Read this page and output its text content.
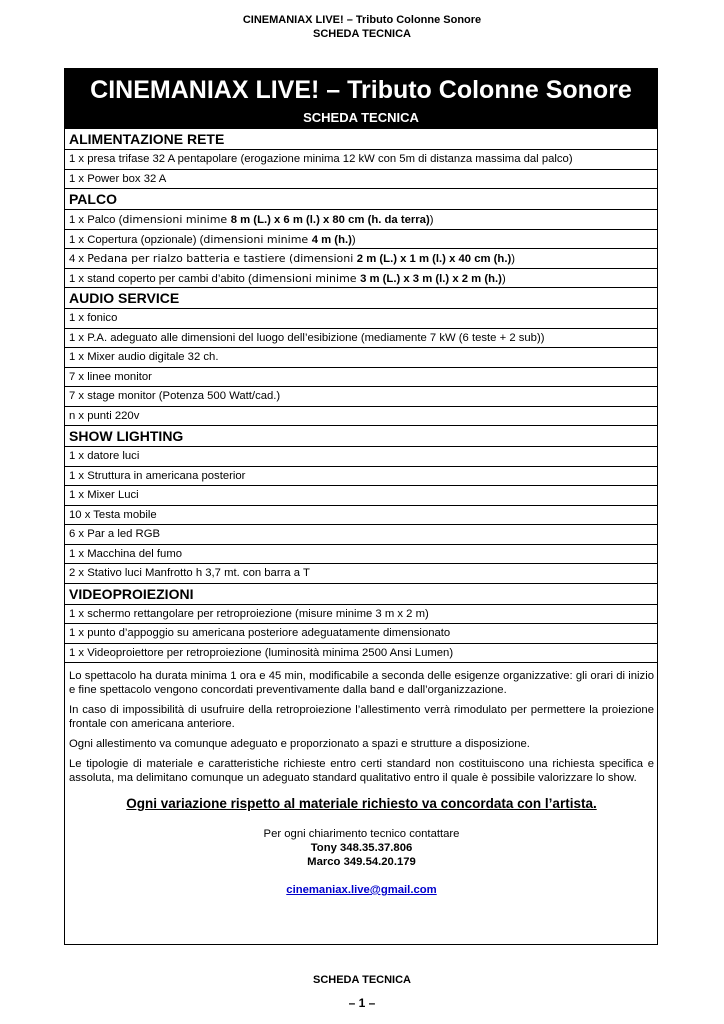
CINEMANIAX LIVE! – Tributo Colonne Sonore
SCHEDA TECNICA
CINEMANIAX LIVE! – Tributo Colonne Sonore
SCHEDA TECNICA
ALIMENTAZIONE RETE
1 x presa trifase 32 A pentapolare (erogazione minima 12 kW con 5m di distanza massima dal palco)
1 x Power box 32 A
PALCO
1 x Palco (dimensioni minime 8 m (L.) x 6 m (l.) x 80 cm (h. da terra))
1 x Copertura (opzionale) (dimensioni minime 4 m (h.))
4 x Pedana per rialzo batteria e tastiere (dimensioni 2 m (L.) x 1 m (l.) x 40 cm (h.))
1 x stand coperto per cambi d’abito (dimensioni minime 3 m (L.) x 3 m (l.) x 2 m (h.))
AUDIO SERVICE
1 x fonico
1 x P.A. adeguato alle dimensioni del luogo dell’esibizione (mediamente 7 kW (6 teste + 2 sub))
1 x Mixer audio digitale 32 ch.
7 x linee monitor
7 x stage monitor (Potenza 500 Watt/cad.)
n x punti 220v
SHOW LIGHTING
1 x datore luci
1 x Struttura in americana posterior
1 x Mixer Luci
10 x Testa mobile
6 x Par a led RGB
1 x Macchina del fumo
2 x Stativo luci Manfrotto h 3,7 mt. con barra a T
VIDEOPROIEZIONI
1 x schermo rettangolare per retroproiezione (misure minime 3 m x 2 m)
1 x punto d’appoggio su americana posteriore adeguatamente dimensionato
1 x Videoproiettore per retroproiezione (luminosità minima 2500 Ansi Lumen)

Lo spettacolo ha durata minima 1 ora e 45 min, modificabile a seconda delle esigenze organizzative: gli orari di inizio e fine spettacolo vengono concordati preventivamente dalla band e dall’organizzazione.

In caso di impossibilità di usufruire della retroproiezione l’allestimento verrà rimodulato per permettere la proiezione frontale con americana anteriore.

Ogni allestimento va comunque adeguato e proporzionato a spazi e strutture a disposizione.

Le tipologie di materiale e caratteristiche richieste entro certi standard non costituiscono una richiesta specifica e assoluta, ma delimitano comunque un adeguato standard qualitativo entro il quale è possibile valorizzare lo show.

Ogni variazione rispetto al materiale richiesto va concordata con l’artista.
Per ogni chiarimento tecnico contattare
Tony 348.35.37.806
Marco 349.54.20.179
cinemaniax.live@gmail.com
SCHEDA TECNICA
– 1 –
